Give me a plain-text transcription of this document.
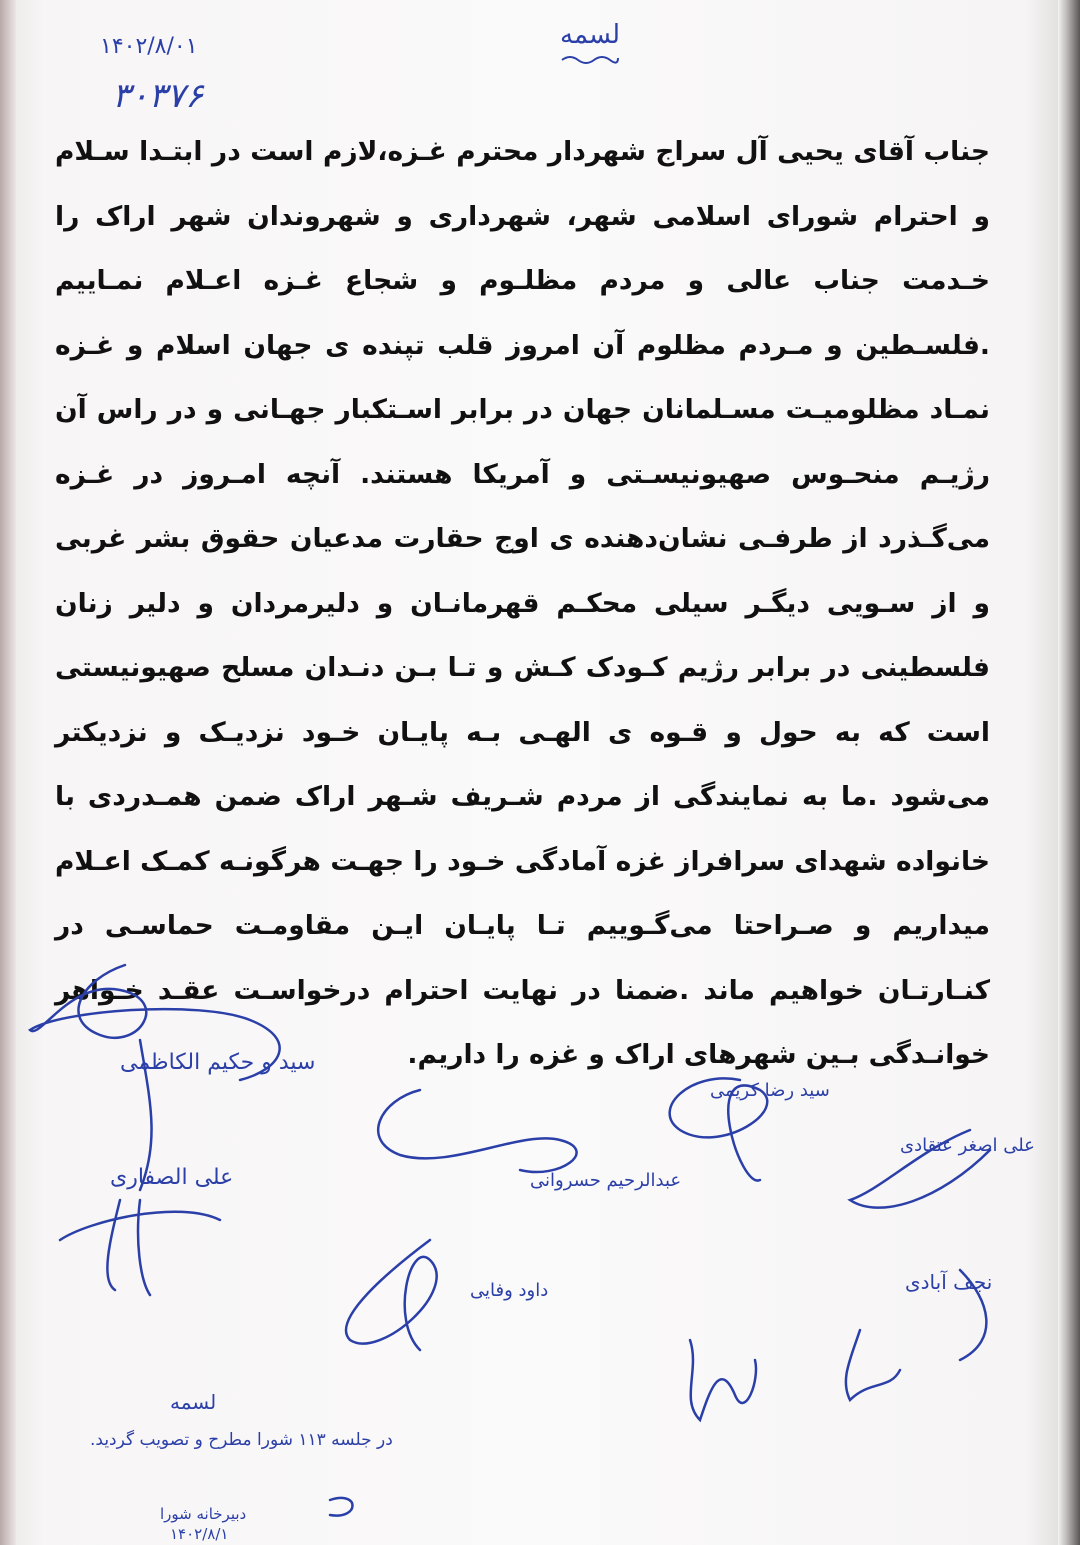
۱۴۰۲/۸/۰۱
۳۰۳۷۶
لسمه‌
جناب آقای یحیی آل سراج شهردار محترم غـزه،لازم است در ابتـدا سـلام و احترام شورای اسلامی شهر، شهرداری و شهروندان شهر اراک را خـدمت جناب عالی و مردم مظلـوم و شجاع غـزه اعـلام نمـاییم .فلسـطین و مـردم مظلوم آن امروز قلب تپنده ی جهان اسلام و غـزه نمـاد مظلومیـت مسـلمانان جهان در برابر اسـتکبار جهـانی و در راس آن رژیـم منحـوس صهیونیسـتی و آمریکا هستند. آنچه امـروز در غـزه می‌گـذرد از طرفـی نشان‌دهنده ی اوج حقارت مدعیان حقوق بشر غربی و از سـویی دیگـر سیلی محکـم قهرمانـان و دلیرمردان و دلیر زنان فلسطینی در برابر رژیم کـودک کـش و تـا بـن دنـدان مسلح صهیونیستی است که به حول و قـوه ی الهـی بـه پایـان خـود نزدیـک و نزدیکتر می‌شود .ما به نمایندگی از مردم شـریف شـهر اراک ضمن همـدردی با خانواده شهدای سرافراز غزه آمادگی خـود را جهـت هرگونـه کمـک اعـلام میداریم و صـراحتا می‌گـوییم تـا پایـان ایـن مقاومـت حماسـی در کنـارتـان خواهیم ماند .ضمنا در نهایت احترام درخواسـت عقـد خـواهر خوانـدگی بـین شهرهای اراک و غزه را داریم.
سید و حکیم الکاظمی
علی الصفاری	عبدالرحیم حسروانی
سید رضا کریمی
علی اصغر عتقادی
داود وفایی	نجف آبادی
لسمه‌
در جلسه ۱۱۳ شورا مطرح و تصویب گردید.
دبیرخانه شورا
۱۴۰۲/۸/۱
